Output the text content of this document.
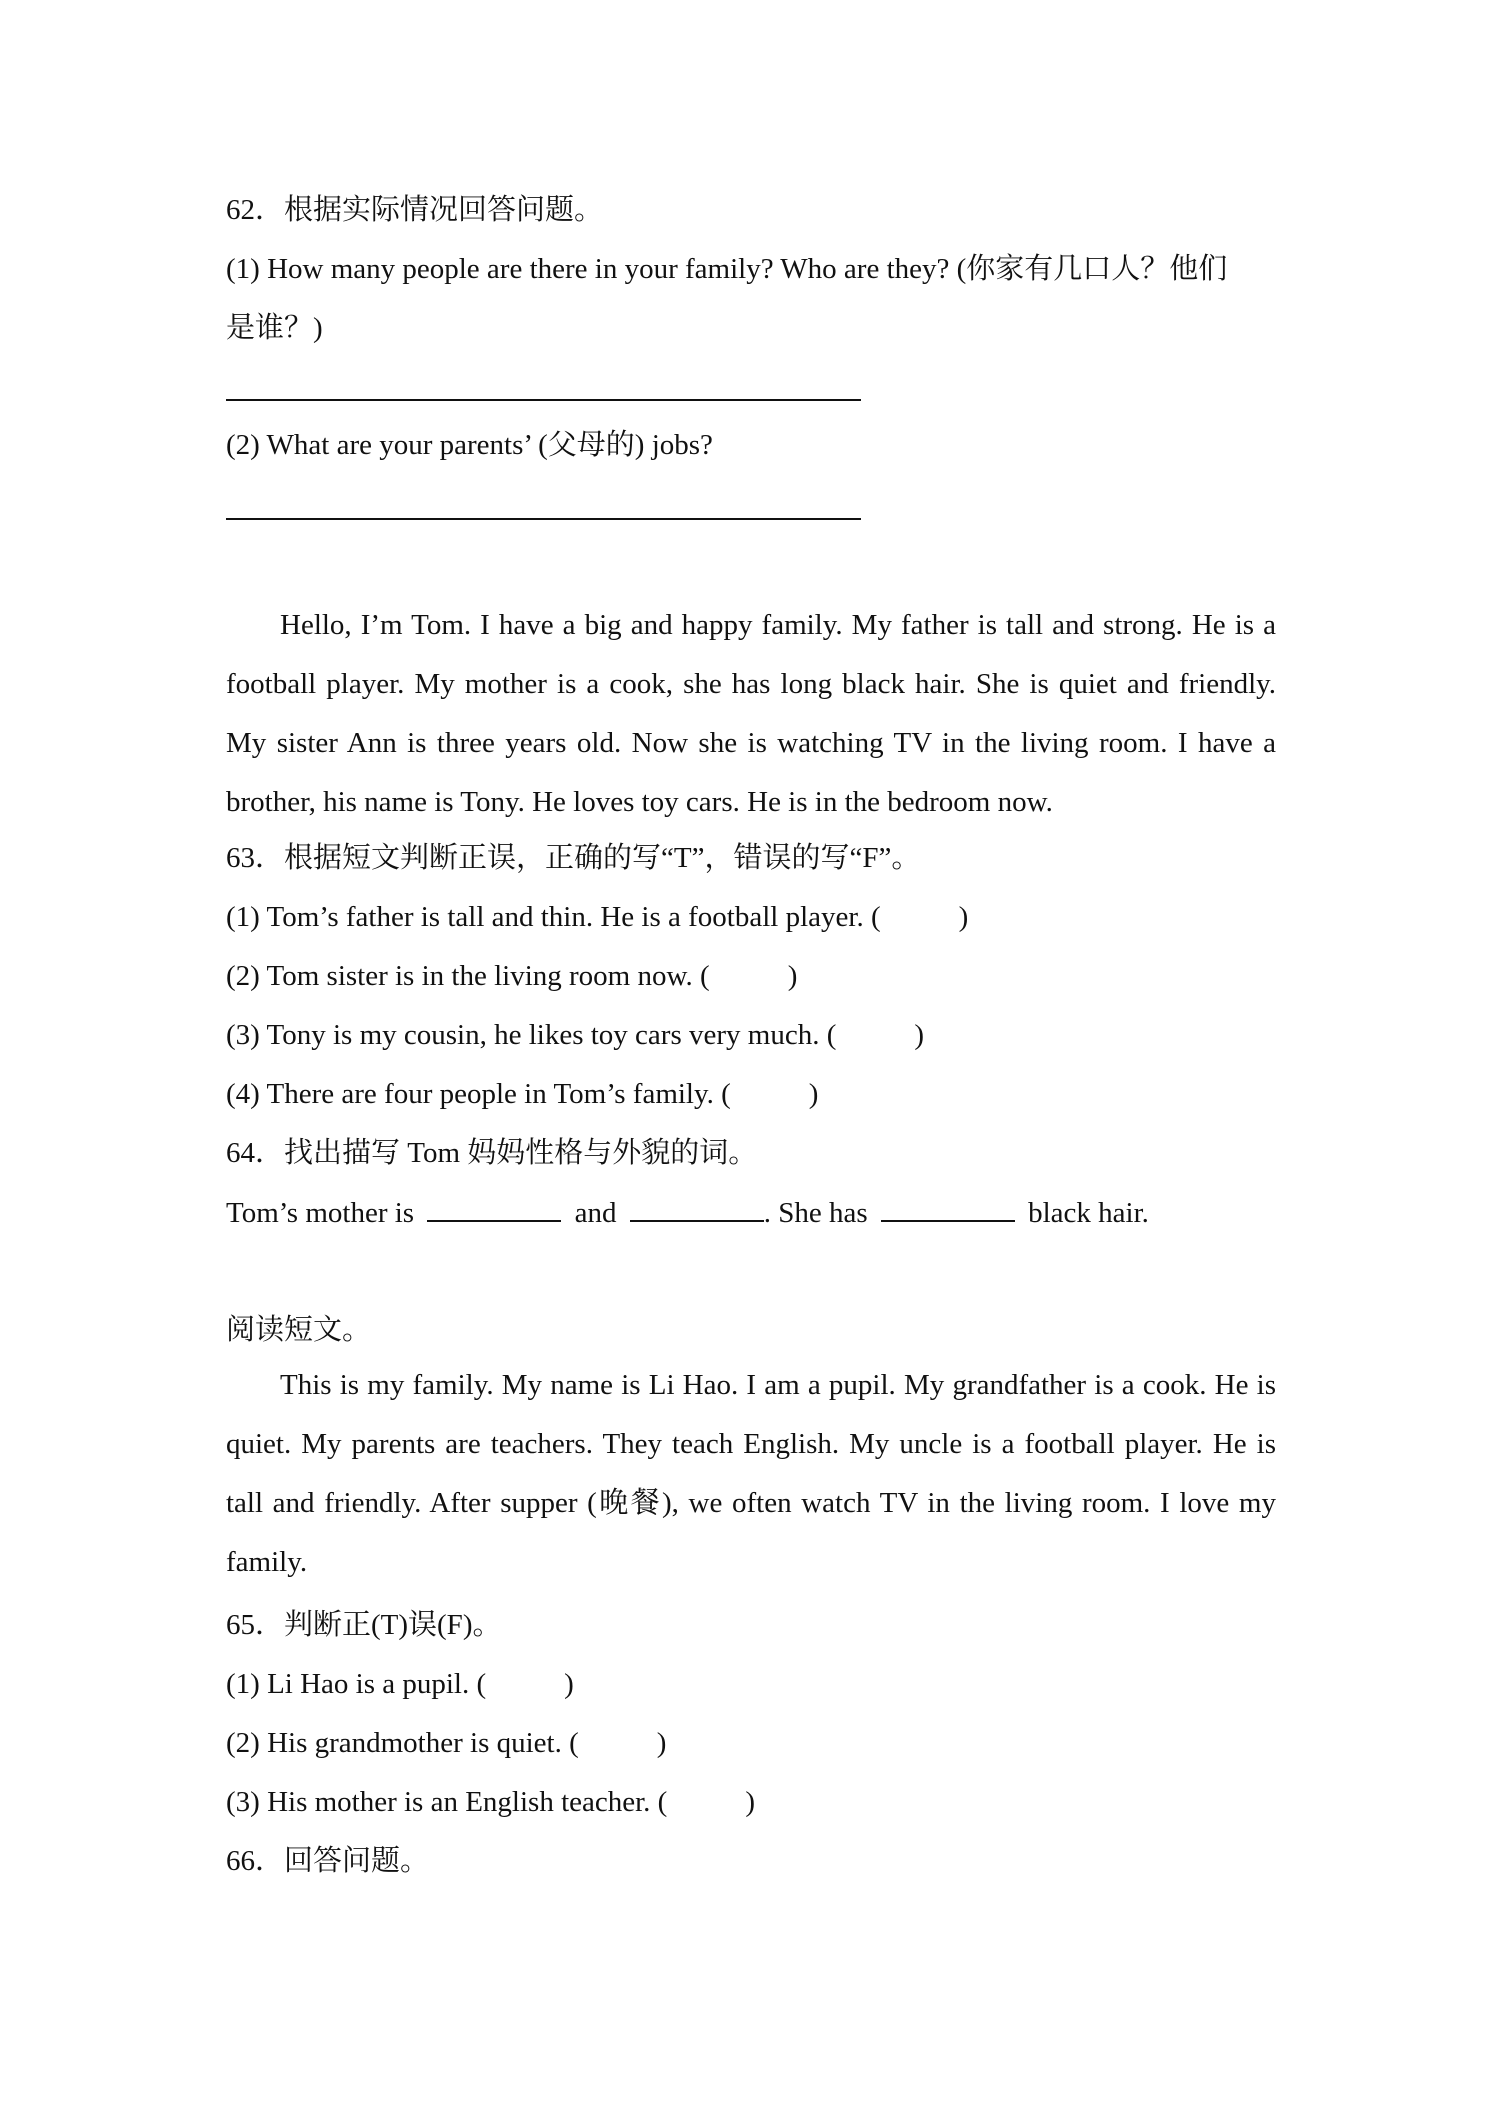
62．根据实际情况回答问题。
(1) How many people are there in your family? Who are they? (你家有几口人？他们
是谁？)
(2) What are your parents’ (父母的) jobs?
Hello, I’m Tom. I have a big and happy family. My father is tall and strong. He is a football player. My mother is a cook, she has long black hair. She is quiet and friendly. My sister Ann is three years old. Now she is watching TV in the living room. I have a brother, his name is Tony. He loves toy cars. He is in the bedroom now.
63．根据短文判断正误，正确的写“T”，错误的写“F”。
(1) Tom’s father is tall and thin. He is a football player. (	)
(2) Tom sister is in the living room now. (	)
(3) Tony is my cousin, he likes toy cars very much. (	)
(4) There are four people in Tom’s family. (	)
64．找出描写 Tom 妈妈性格与外貌的词。
Tom’s mother is	and	. She has	black hair.
阅读短文。
This is my family. My name is Li Hao. I am a pupil. My grandfather is a cook. He is quiet. My parents are teachers. They teach English. My uncle is a football player. He is tall and friendly. After supper (晚餐), we often watch TV in the living room. I love my family.
65．判断正(T)误(F)。
(1) Li Hao is a pupil. (	)
(2) His grandmother is quiet. (	)
(3) His mother is an English teacher. (	)
66．回答问题。
